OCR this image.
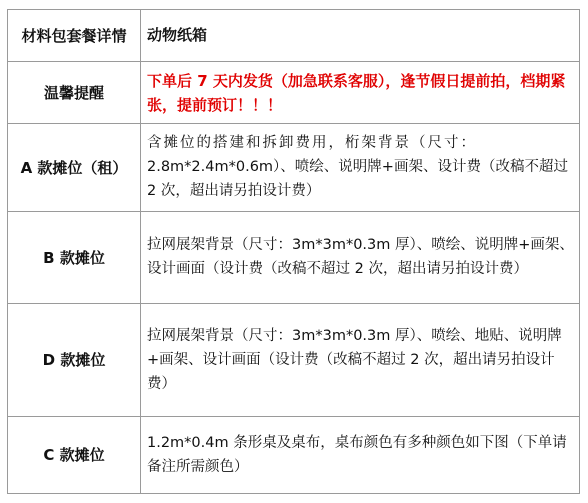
材料包套餐详情	动物纸箱
温馨提醒	下单后 7 天内发货（加急联系客服），逢节假日提前拍，档期紧张，提前预订！！！

A 款摊位（租）	含摊位的搭建和拆卸费用，桁架背景（尺寸：
2.8m*2.4m*0.6m）、喷绘、说明牌+画架、设计费（改稿不超过 2 次，超出请另拍设计费）

B 款摊位	拉网展架背景（尺寸：3m*3m*0.3m 厚）、喷绘、说明牌+画架、设计画面（设计费（改稿不超过 2 次，超出请另拍设计费）
D 款摊位	拉网展架背景（尺寸：3m*3m*0.3m 厚）、喷绘、地贴、说明牌+画架、设计画面（设计费（改稿不超过 2 次，超出请另拍设计费）
C 款摊位	1.2m*0.4m 条形桌及桌布，桌布颜色有多种颜色如下图（下单请备注所需颜色）
